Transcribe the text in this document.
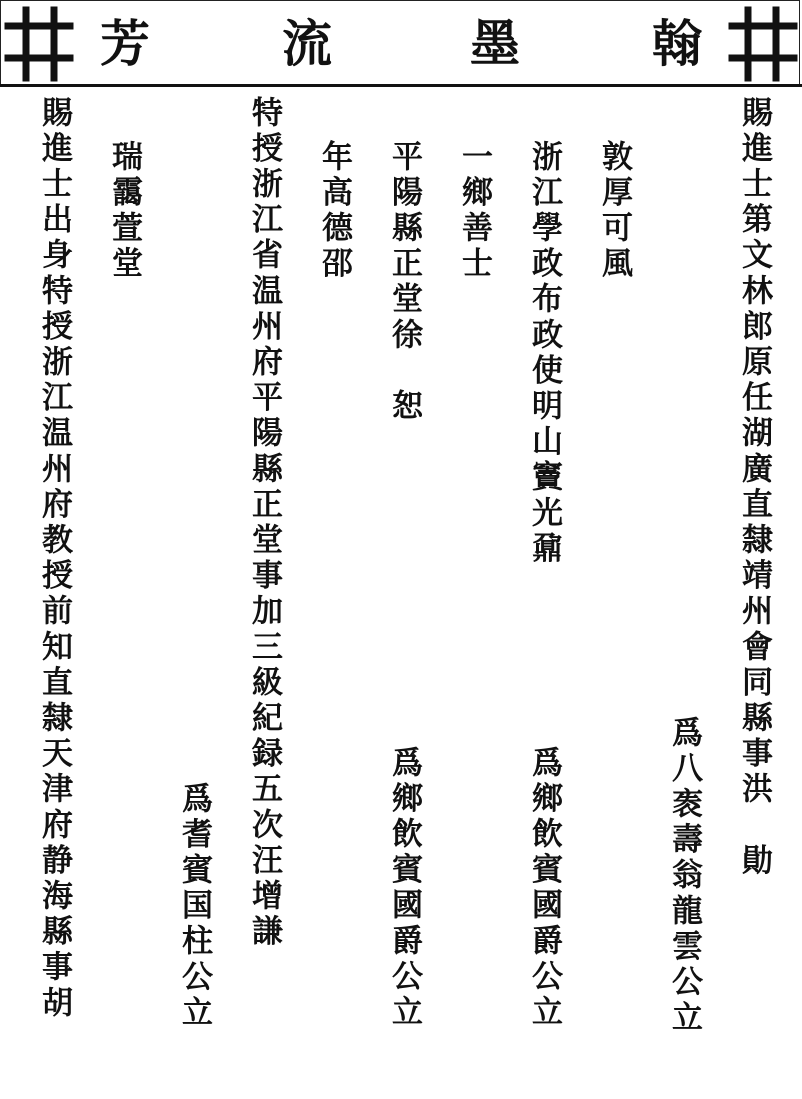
芳	流	墨	翰
賜進士第文林郎原任湖廣直隸靖州會同縣事洪　勛
爲八袠壽翁龍雲公立
敦厚可風
浙江學政布政使明山竇光鼐
爲鄉飲賓國爵公立
一鄉善士
平陽縣正堂徐　恕
爲鄉飲賓國爵公立
年高德邵
特授浙江省温州府平陽縣正堂事加三級紀録五次汪增謙
爲耆賓国柱公立
瑞靄萱堂
賜進士出身特授浙江温州府教授前知直隸天津府静海縣事胡
